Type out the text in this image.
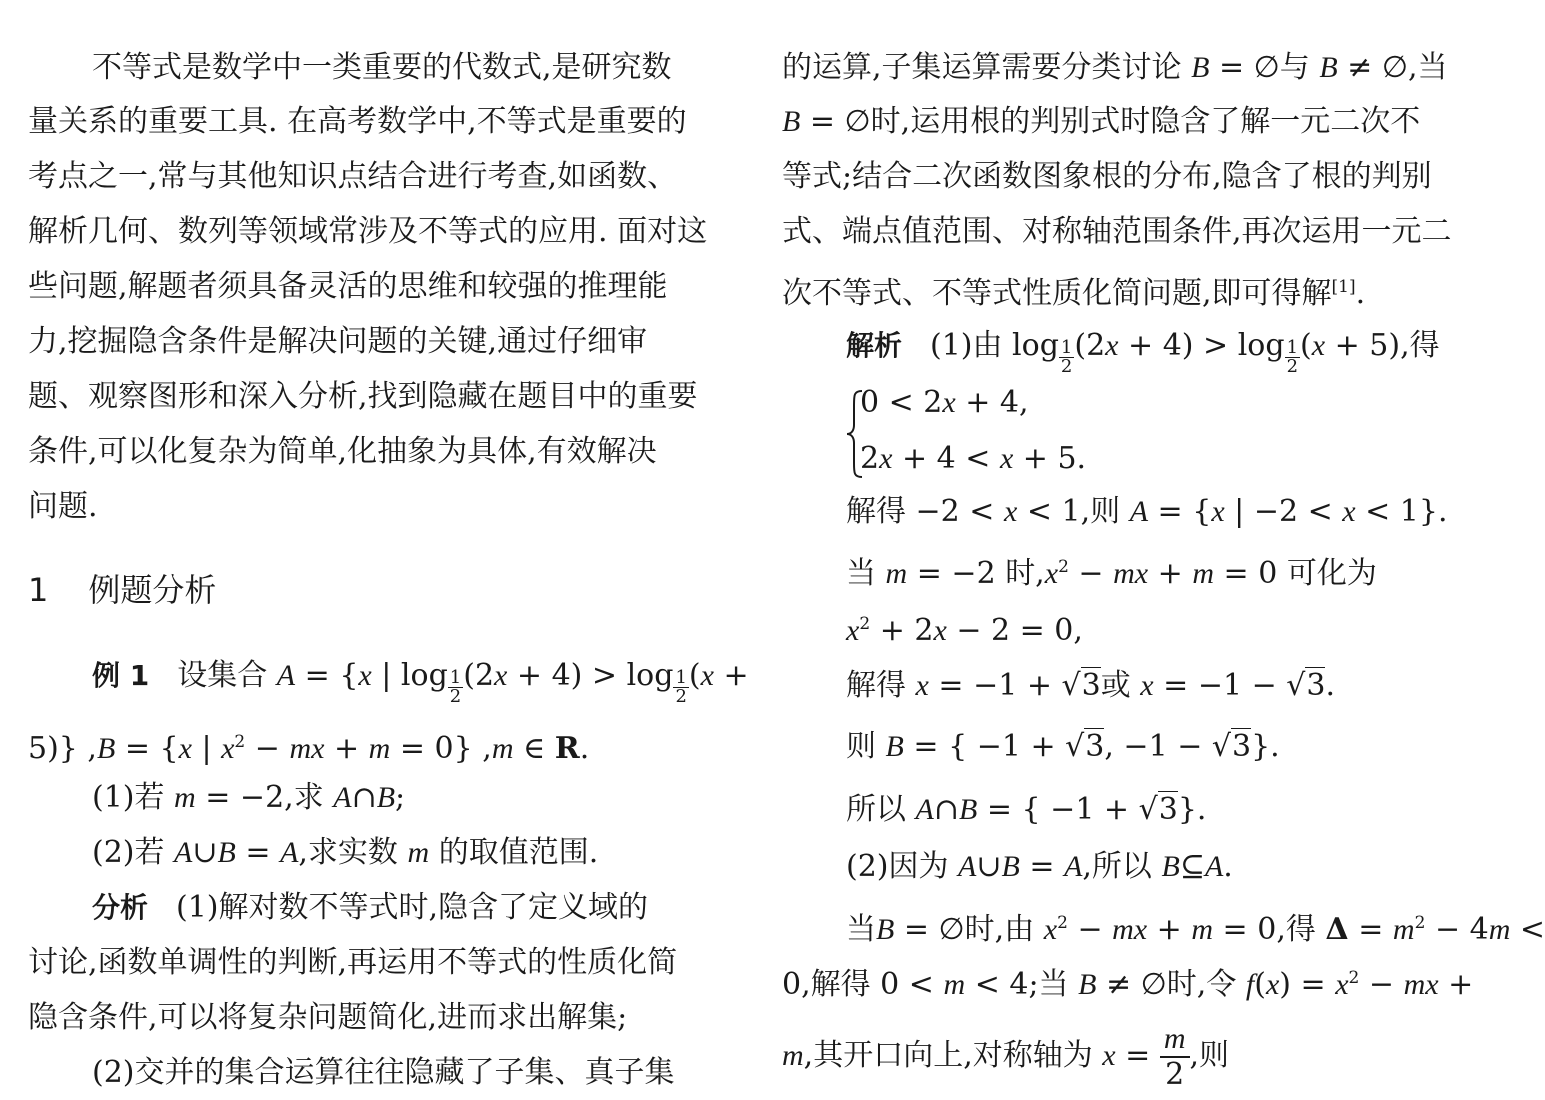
不等式是数学中一类重要的代数式,是研究数
量关系的重要工具. 在高考数学中,不等式是重要的
考点之一,常与其他知识点结合进行考查,如函数、
解析几何、数列等领域常涉及不等式的应用. 面对这
些问题,解题者须具备灵活的思维和较强的推理能
力,挖掘隐含条件是解决问题的关键,通过仔细审
题、观察图形和深入分析,找到隐藏在题目中的重要
条件,可以化复杂为简单,化抽象为具体,有效解决
问题.
1 例题分析
例 1 设集合 A = {x | log $_{\frac{1}{2}}$ (2x + 4) > log $_{\frac{1}{2}}$ (x +
5)} ,B = {x | $x^2$ − mx + m = 0} ,m ∈ R.
(1)若 m = −2,求 A∩B;
(2)若 A∪B = A,求实数 m 的取值范围.
分析 (1)解对数不等式时,隐含了定义域的
讨论,函数单调性的判断,再运用不等式的性质化简
隐含条件,可以将复杂问题简化,进而求出解集;
(2)交并的集合运算往往隐藏了子集、真子集
的运算,子集运算需要分类讨论 B = ∅与 B ≠ ∅,当
B = ∅时,运用根的判别式时隐含了解一元二次不
等式;结合二次函数图象根的分布,隐含了根的判别
式、端点值范围、对称轴范围条件,再次运用一元二
次不等式、不等式性质化简问题,即可得解[1].
解析 (1)由 log $_{\frac{1}{2}}$ (2x + 4) > log $_{\frac{1}{2}}$ (x + 5),得
0 < 2x + 4,
2x + 4 < x + 5.
解得 −2 < x < 1,则 A = {x | −2 < x < 1}.
当 m = −2 时$,x^2$ − mx + m = 0 可化为
$x^2 + 2x - 2 = 0$,
解得 x = −1 + √3或 x = −1 − √3.
则 B = { −1 + √3, −1 − √3}.
所以 A∩B = { −1 + √3}.
(2)因为 A∪B = A,所以 B⊆A.
当B = ∅时,由 $x^2$ − mx + m = 0,得 $\Delta = m^2 - 4m$ <
0,解得 0 < m < 4;当 B ≠ ∅时,令 $f(x) = x^2$ − mx +
m,其开口向上,对称轴为 $x = \frac{m}{2}$ ,则
